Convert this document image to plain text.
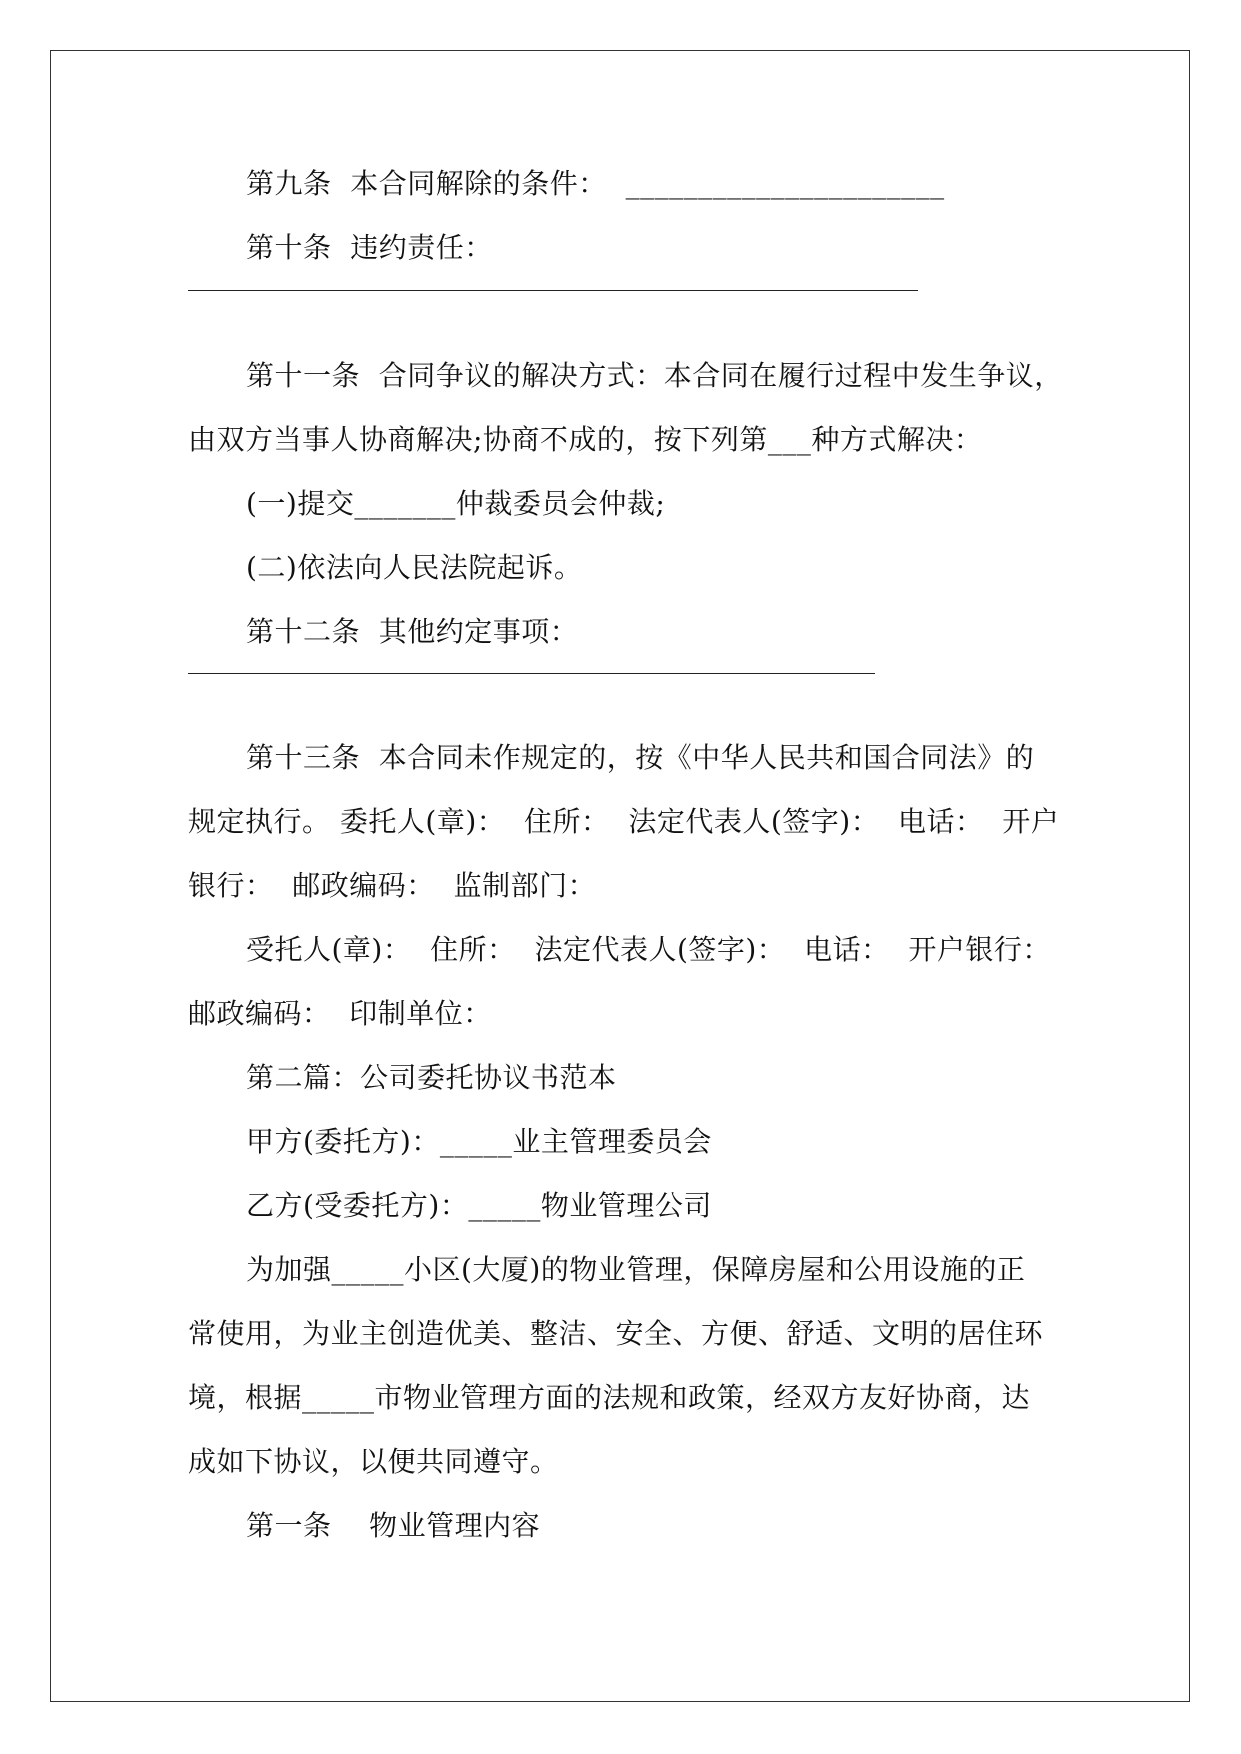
第九条  本合同解除的条件：  ______________________
第十条  违约责任：
第十一条  合同争议的解决方式：本合同在履行过程中发生争议，
由双方当事人协商解决;协商不成的，按下列第___种方式解决：
(一)提交_______仲裁委员会仲裁;
(二)依法向人民法院起诉。
第十二条  其他约定事项：
第十三条  本合同未作规定的，按《中华人民共和国合同法》的
规定执行。 委托人(章)：  住所：  法定代表人(签字)：  电话：  开户
银行：  邮政编码：  监制部门：
受托人(章)：  住所：  法定代表人(签字)：  电话：  开户银行：
邮政编码：  印制单位：
第二篇：公司委托协议书范本
甲方(委托方)：_____业主管理委员会
乙方(受委托方)：_____物业管理公司
为加强_____小区(大厦)的物业管理，保障房屋和公用设施的正
常使用，为业主创造优美、整洁、安全、方便、舒适、文明的居住环
境，根据_____市物业管理方面的法规和政策，经双方友好协商，达
成如下协议，以便共同遵守。
第一条    物业管理内容
